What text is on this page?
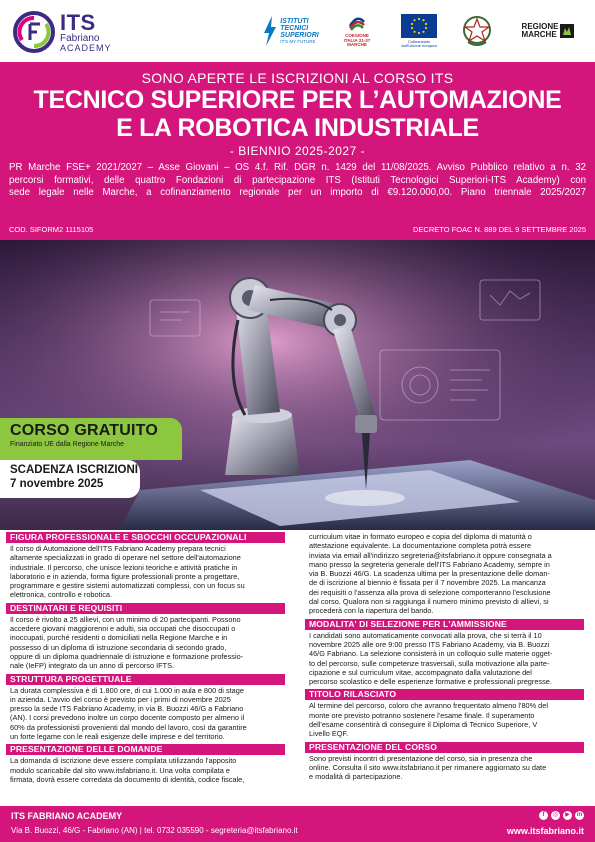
ITS
Fabriano
ACADEMY
ISTITUTI
TECNICI
SUPERIORI
IT'S MY FUTURE
COESIONE
ITALIA 21-27
MARCHE
Cofinanziato
dall'Unione europea
REGIONE
MARCHE
SONO APERTE LE ISCRIZIONI AL CORSO ITS
TECNICO SUPERIORE PER L’AUTOMAZIONE
E LA ROBOTICA INDUSTRIALE
- BIENNIO 2025-2027 -
PR Marche FSE+ 2021/2027 – Asse Giovani – OS 4.f. Rif. DGR n. 1429 del 11/08/2025. Avviso Pubblico relativo a n. 32
percorsi formativi, delle quattro Fondazioni di partecipazione ITS (Istituti Tecnologici Superiori-ITS Academy) con
sede legale nelle Marche, a cofinanziamento regionale per un importo di €9.120.000,00. Piano triennale 2025/2027
COD. SIFORM2 1115105	DECRETO FOAC N. 889 DEL 9 SETTEMBRE 2025
CORSO GRATUITO
Finanziato UE dalla Regione Marche
SCADENZA ISCRIZIONI
7 novembre 2025
FIGURA PROFESSIONALE E SBOCCHI OCCUPAZIONALI
Il corso di Automazione dell'ITS Fabriano Academy prepara tecnici
altamente specializzati in grado di operare nel settore dell'automazione
industriale. Il percorso, che unisce lezioni teoriche e attività pratiche in
laboratorio e in azienda, forma figure professionali pronte a progettare,
programmare e gestire sistemi automatizzati complessi, con un focus su
elettronica, controllo e robotica.
DESTINATARI E REQUISITI
Il corso è rivolto a 25 allievi, con un minimo di 20 partecipanti. Possono
accedere giovani maggiorenni e adulti, sia occupati che disoccupati o
inoccupati, purché residenti o domiciliati nella Regione Marche e in
possesso di un diploma di istruzione secondaria di secondo grado,
oppure di un diploma quadriennale di istruzione e formazione professio-
nale (IeFP) integrato da un anno di percorso IFTS.
STRUTTURA PROGETTUALE
La durata complessiva è di 1.800 ore, di cui 1.000 in aula e 800 di stage
in azienda. L’avvio del corso è previsto per i primi di novembre 2025
presso la sede ITS Fabriano Academy, in via B. Buozzi 46/G a Fabriano
(AN). I corsi prevedono inoltre un corpo docente composto per almeno il
60% da professionisti provenienti dal mondo del lavoro, così da garantire
un forte legame con le reali esigenze delle imprese e del territorio.
PRESENTAZIONE DELLE DOMANDE
La domanda di iscrizione deve essere compilata utilizzando l'apposito
modulo scaricabile dal sito www.itsfabriano.it. Una volta compilata e
firmata, dovrà essere corredata da documento di identità, codice fiscale,
curriculum vitae in formato europeo e copia del diploma di maturità o
attestazione equivalente. La documentazione completa potrà essere
inviata via email all'indirizzo segreteria@itsfabriano.it oppure consegnata a
mano presso la segreteria generale dell'ITS Fabriano Academy, sempre in
via B. Buozzi 46/G. La scadenza ultima per la presentazione delle doman-
de di iscrizione al biennio è fissata per il 7 novembre 2025. La mancanza
dei requisiti o l'assenza alla prova di selezione comporteranno l'esclusione
dal corso. Qualora non si raggiunga il numero minimo previsto di allievi, si
procederà con la riapertura del bando.
MODALITA' DI SELEZIONE PER L'AMMISSIONE
I candidati sono automaticamente convocati alla prova, che si terrà il 10
novembre 2025 alle ore 9:00 presso ITS Fabriano Academy, via B. Buozzi
46/G Fabriano. La selezione consisterà in un colloquio sulle materie ogget-
to del percorso, sulle competenze trasversali, sulla motivazione alla parte-
cipazione e sul curriculum vitae, accompagnato dalla valutazione del
percorso scolastico e delle esperienze formative e professionali pregresse.
TITOLO RILASCIATO
Al termine del percorso, coloro che avranno frequentato almeno l'80% del
monte ore previsto potranno sostenere l'esame finale. Il superamento
dell'esame consentirà di conseguire il Diploma di Tecnico Superiore, V
Livello EQF.
PRESENTAZIONE DEL CORSO
Sono previsti incontri di presentazione del corso, sia in presenza che
online. Consulta il sito www.itsfabriano.it per rimanere aggiornato su date
e modalità di partecipazione.
ITS FABRIANO ACADEMY
Via B. Buozzi, 46/G - Fabriano (AN) | tel. 0732 035590 - segreteria@itsfabriano.it
f	◎	▶	in
www.itsfabriano.it
